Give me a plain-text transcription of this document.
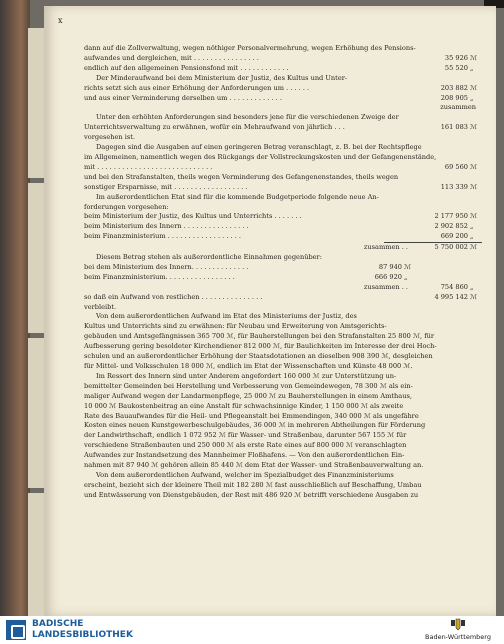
x
dann auf die Zollverwaltung, wegen nöthiger Personalvermehrung, wegen Erhöhung des Pensions-
aufwandes und dergleichen, mit . . . . . . . . . . . . . . . .	35 926 ℳ
endlich auf den allgemeinen Pensionsfond mit . . . . . . . . . . . .	55 520 „
Der Minderaufwand bei dem Ministerium der Justiz, des Kultus und Unter-
richts setzt sich aus einer Erhöhung der Anforderungen um . . . . . .	203 882 ℳ
und aus einer Verminderung derselben um . . . . . . . . . . . . .	208 905 „
zusammen
Unter den erhöhten Anforderungen sind besonders jene für die verschiedenen Zweige der
Unterrichtsverwaltung zu erwähnen, wofür ein Mehraufwand von jährlich . . .	161 083 ℳ
vorgesehen ist.
Dagegen sind die Ausgaben auf einen geringeren Betrag veranschlagt, z. B. bei der Rechtspflege
im Allgemeinen, namentlich wegen des Rückgangs der Vollstreckungskosten und der Gefangenenstände,
mit . . . . . . . . . . . . . . . . . . . . . . . . . . . .	69 560 ℳ
und bei den Strafanstalten, theils wegen Verminderung des Gefangenenstandes, theils wegen
sonstiger Ersparnisse, mit . . . . . . . . . . . . . . . . . .	113 339 ℳ
Im außerordentlichen Etat sind für die kommende Budgetperiode folgende neue An-
forderungen vorgesehen:
beim Ministerium der Justiz, des Kultus und Unterrichts . . . . . . .	2 177 950 ℳ
beim Ministerium des Innern . . . . . . . . . . . . . . . .	2 902 852 „
beim Finanzministerium . . . . . . . . . . . . . . . . . .	669 200 „
zusammen . .	5 750 002 ℳ
Diesem Betrag stehen als außerordentliche Einnahmen gegenüber:
bei dem Ministerium des Innern. . . . . . . . . . . . . .	87 940 ℳ
beim Finanzministerium. . . . . . . . . . . . . . . . .	666 920 „
zusammen . .	754 860 „
so daß ein Aufwand von restlichen . . . . . . . . . . . . . . .	4 995 142 ℳ
verbleibt.
Von dem außerordentlichen Aufwand im Etat des Ministeriums der Justiz, des
Kultus und Unterrichts sind zu erwähnen: für Neubau und Erweiterung von Amtsgerichts-
gebäuden und Amtsgefängnissen 365 700 ℳ, für Bauherstellungen bei den Strafanstalten 25 800 ℳ, für
Aufbesserung gering besoldeter Kirchendiener 812 000 ℳ, für Baulichkeiten im Interesse der drei Hoch-
schulen und an außerordentlicher Erhöhung der Staatsdotationen an dieselben 908 390 ℳ, desgleichen
für Mittel- und Volksschulen 18 000 ℳ, endlich im Etat der Wissenschaften und Künste 48 000 ℳ.
Im Ressort des Innern sind unter Anderem angefordert 160 000 ℳ zur Unterstützung un-
bemittelter Gemeinden bei Herstellung und Verbesserung von Gemeindewegen, 78 300 ℳ als ein-
maliger Aufwand wegen der Landarmenpflege, 25 000 ℳ zu Bauherstellungen in einem Amthaus,
10 000 ℳ Baukostenbeitrag an eine Anstalt für schwachsinnige Kinder, 1 150 000 ℳ als zweite
Rate des Bauaufwandes für die Heil- und Pflegeanstalt bei Emmendingen, 340 000 ℳ als ungefähre
Kosten eines neuen Kunstgewerbeschulgebäudes, 36 000 ℳ in mehreren Abtheilungen für Förderung
der Landwirthschaft, endlich 1 072 952 ℳ für Wasser- und Straßenbau, darunter 567 155 ℳ für
verschiedene Straßenbauten und 250 000 ℳ als erste Rate eines auf 800 000 ℳ veranschlagten
Aufwandes zur Instandsetzung des Mannheimer Floßhafens. — Von den außerordentlichen Ein-
nahmen mit 87 940 ℳ gehören allein 85 440 ℳ dem Etat der Wasser- und Straßenbauverwaltung an.
Von dem außerordentlichen Aufwand, welcher im Spezialbudget des Finanzministeriums
erscheint, bezieht sich der kleinere Theil mit 182 280 ℳ fast ausschließlich auf Beschaffung, Umbau
und Entwässerung von Dienstgebäuden, der Rest mit 486 920 ℳ betrifft verschiedene Ausgaben zu
BADISCHE
LANDESBIBLIOTHEK	Baden-Württemberg
